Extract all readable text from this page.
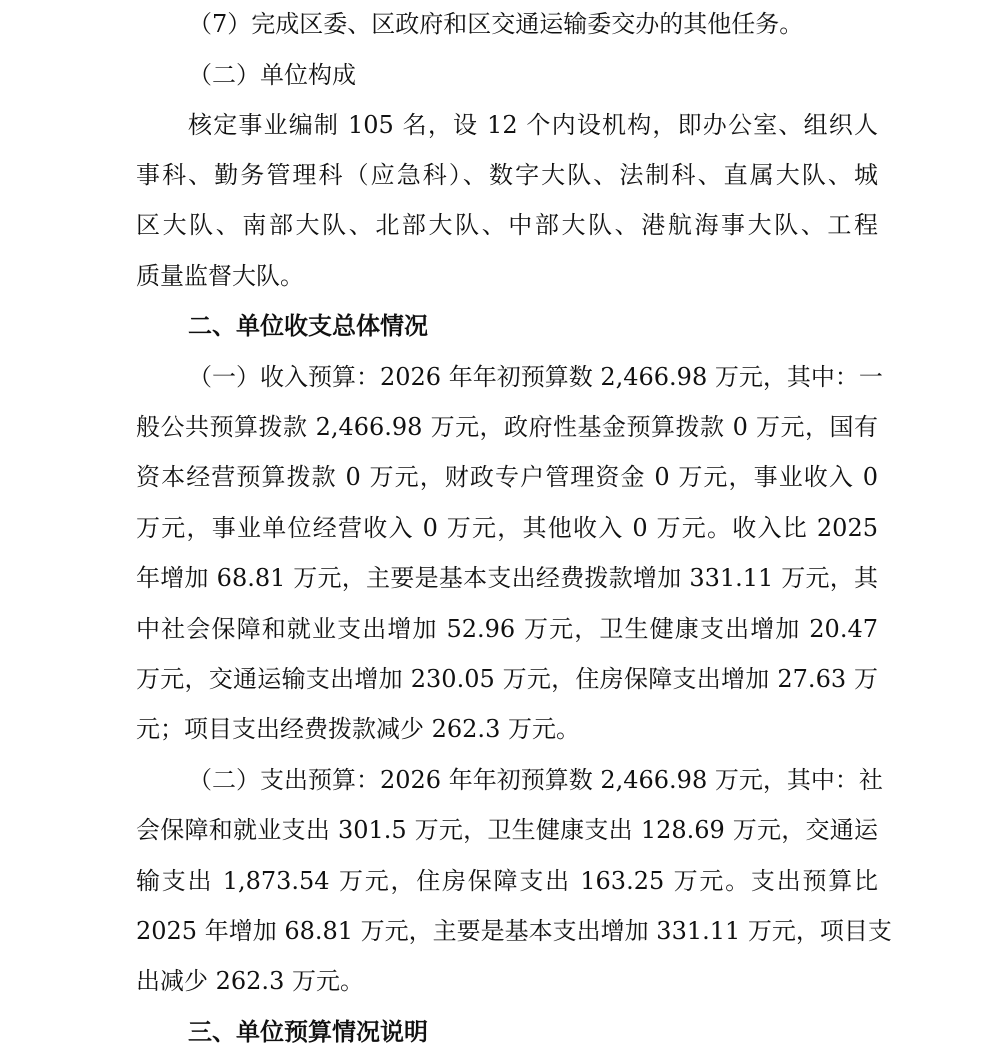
（7）完成区委、区政府和区交通运输委交办的其他任务。
（二）单位构成
核定事业编制 105 名，设 12 个内设机构，即办公室、组织人
事科、勤务管理科（应急科）、数字大队、法制科、直属大队、城
区大队、南部大队、北部大队、中部大队、港航海事大队、工程
质量监督大队。
二、单位收支总体情况
（一）收入预算：2026 年年初预算数 2,466.98 万元，其中：一
般公共预算拨款 2,466.98 万元，政府性基金预算拨款 0 万元，国有
资本经营预算拨款 0 万元，财政专户管理资金 0 万元，事业收入 0
万元，事业单位经营收入 0 万元，其他收入 0 万元。收入比 2025
年增加 68.81 万元，主要是基本支出经费拨款增加 331.11 万元，其
中社会保障和就业支出增加 52.96 万元，卫生健康支出增加 20.47
万元，交通运输支出增加 230.05 万元，住房保障支出增加 27.63 万
元；项目支出经费拨款减少 262.3 万元。
（二）支出预算：2026 年年初预算数 2,466.98 万元，其中：社
会保障和就业支出 301.5 万元，卫生健康支出 128.69 万元，交通运
输支出 1,873.54 万元，住房保障支出 163.25 万元。支出预算比
2025 年增加 68.81 万元，主要是基本支出增加 331.11 万元，项目支
出减少 262.3 万元。
三、单位预算情况说明
